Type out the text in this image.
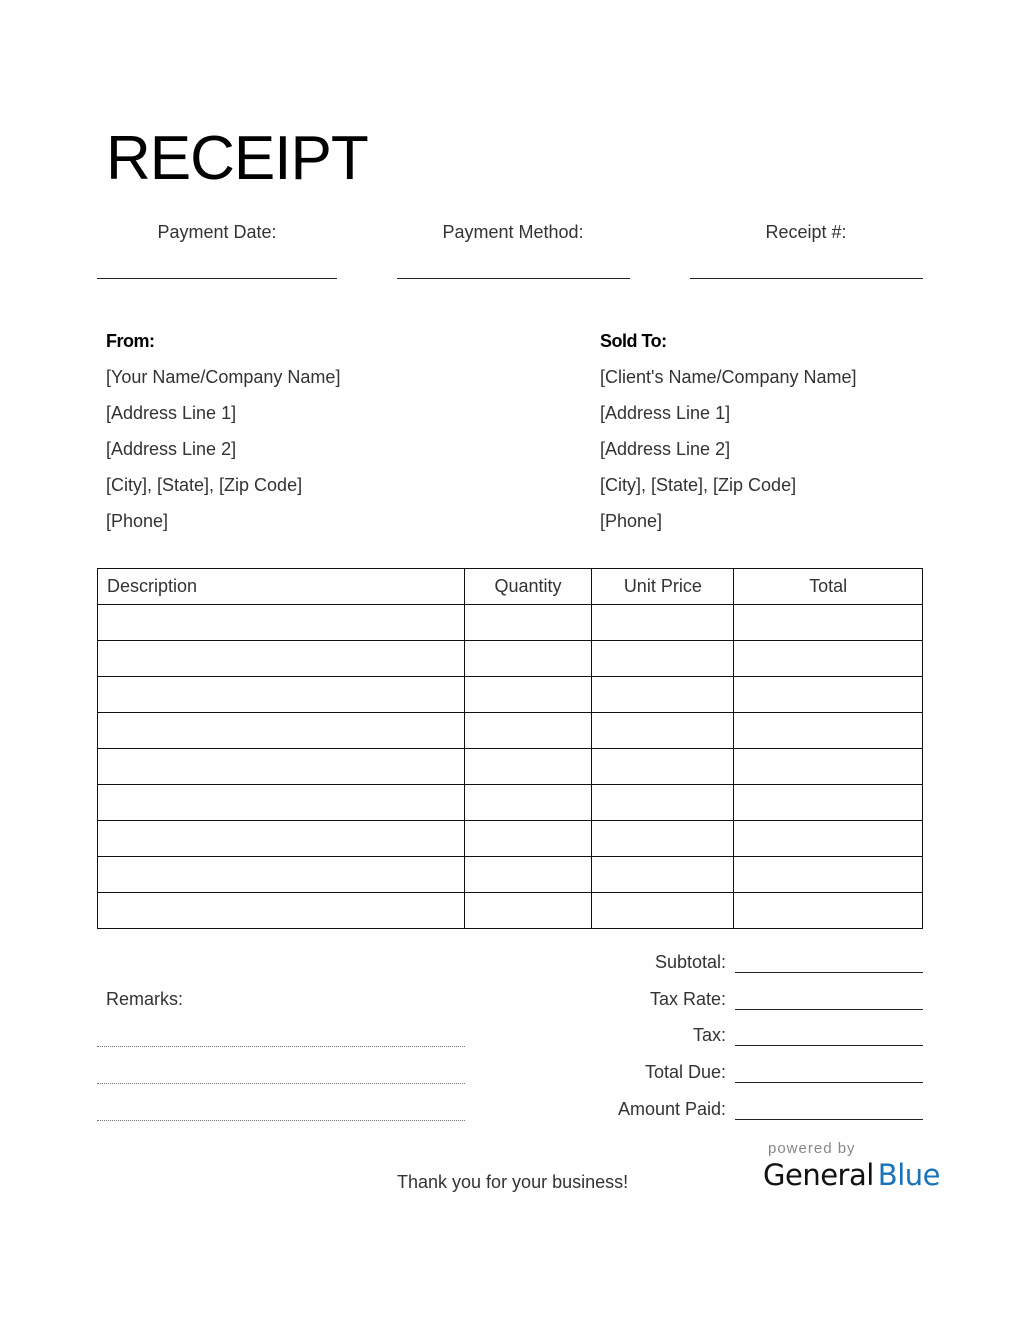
RECEIPT
Payment Date:	Payment Method:	Receipt #:
From:
[Your Name/Company Name]
[Address Line 1]
[Address Line 2]
[City], [State], [Zip Code]
[Phone]
Sold To:
[Client's Name/Company Name]
[Address Line 1]
[Address Line 2]
[City], [State], [Zip Code]
[Phone]
Description	Quantity	Unit Price	Total

Remarks:
Subtotal:
Tax Rate:
Tax:
Total Due:
Amount Paid:
Thank you for your business!
powered by
General Blue
